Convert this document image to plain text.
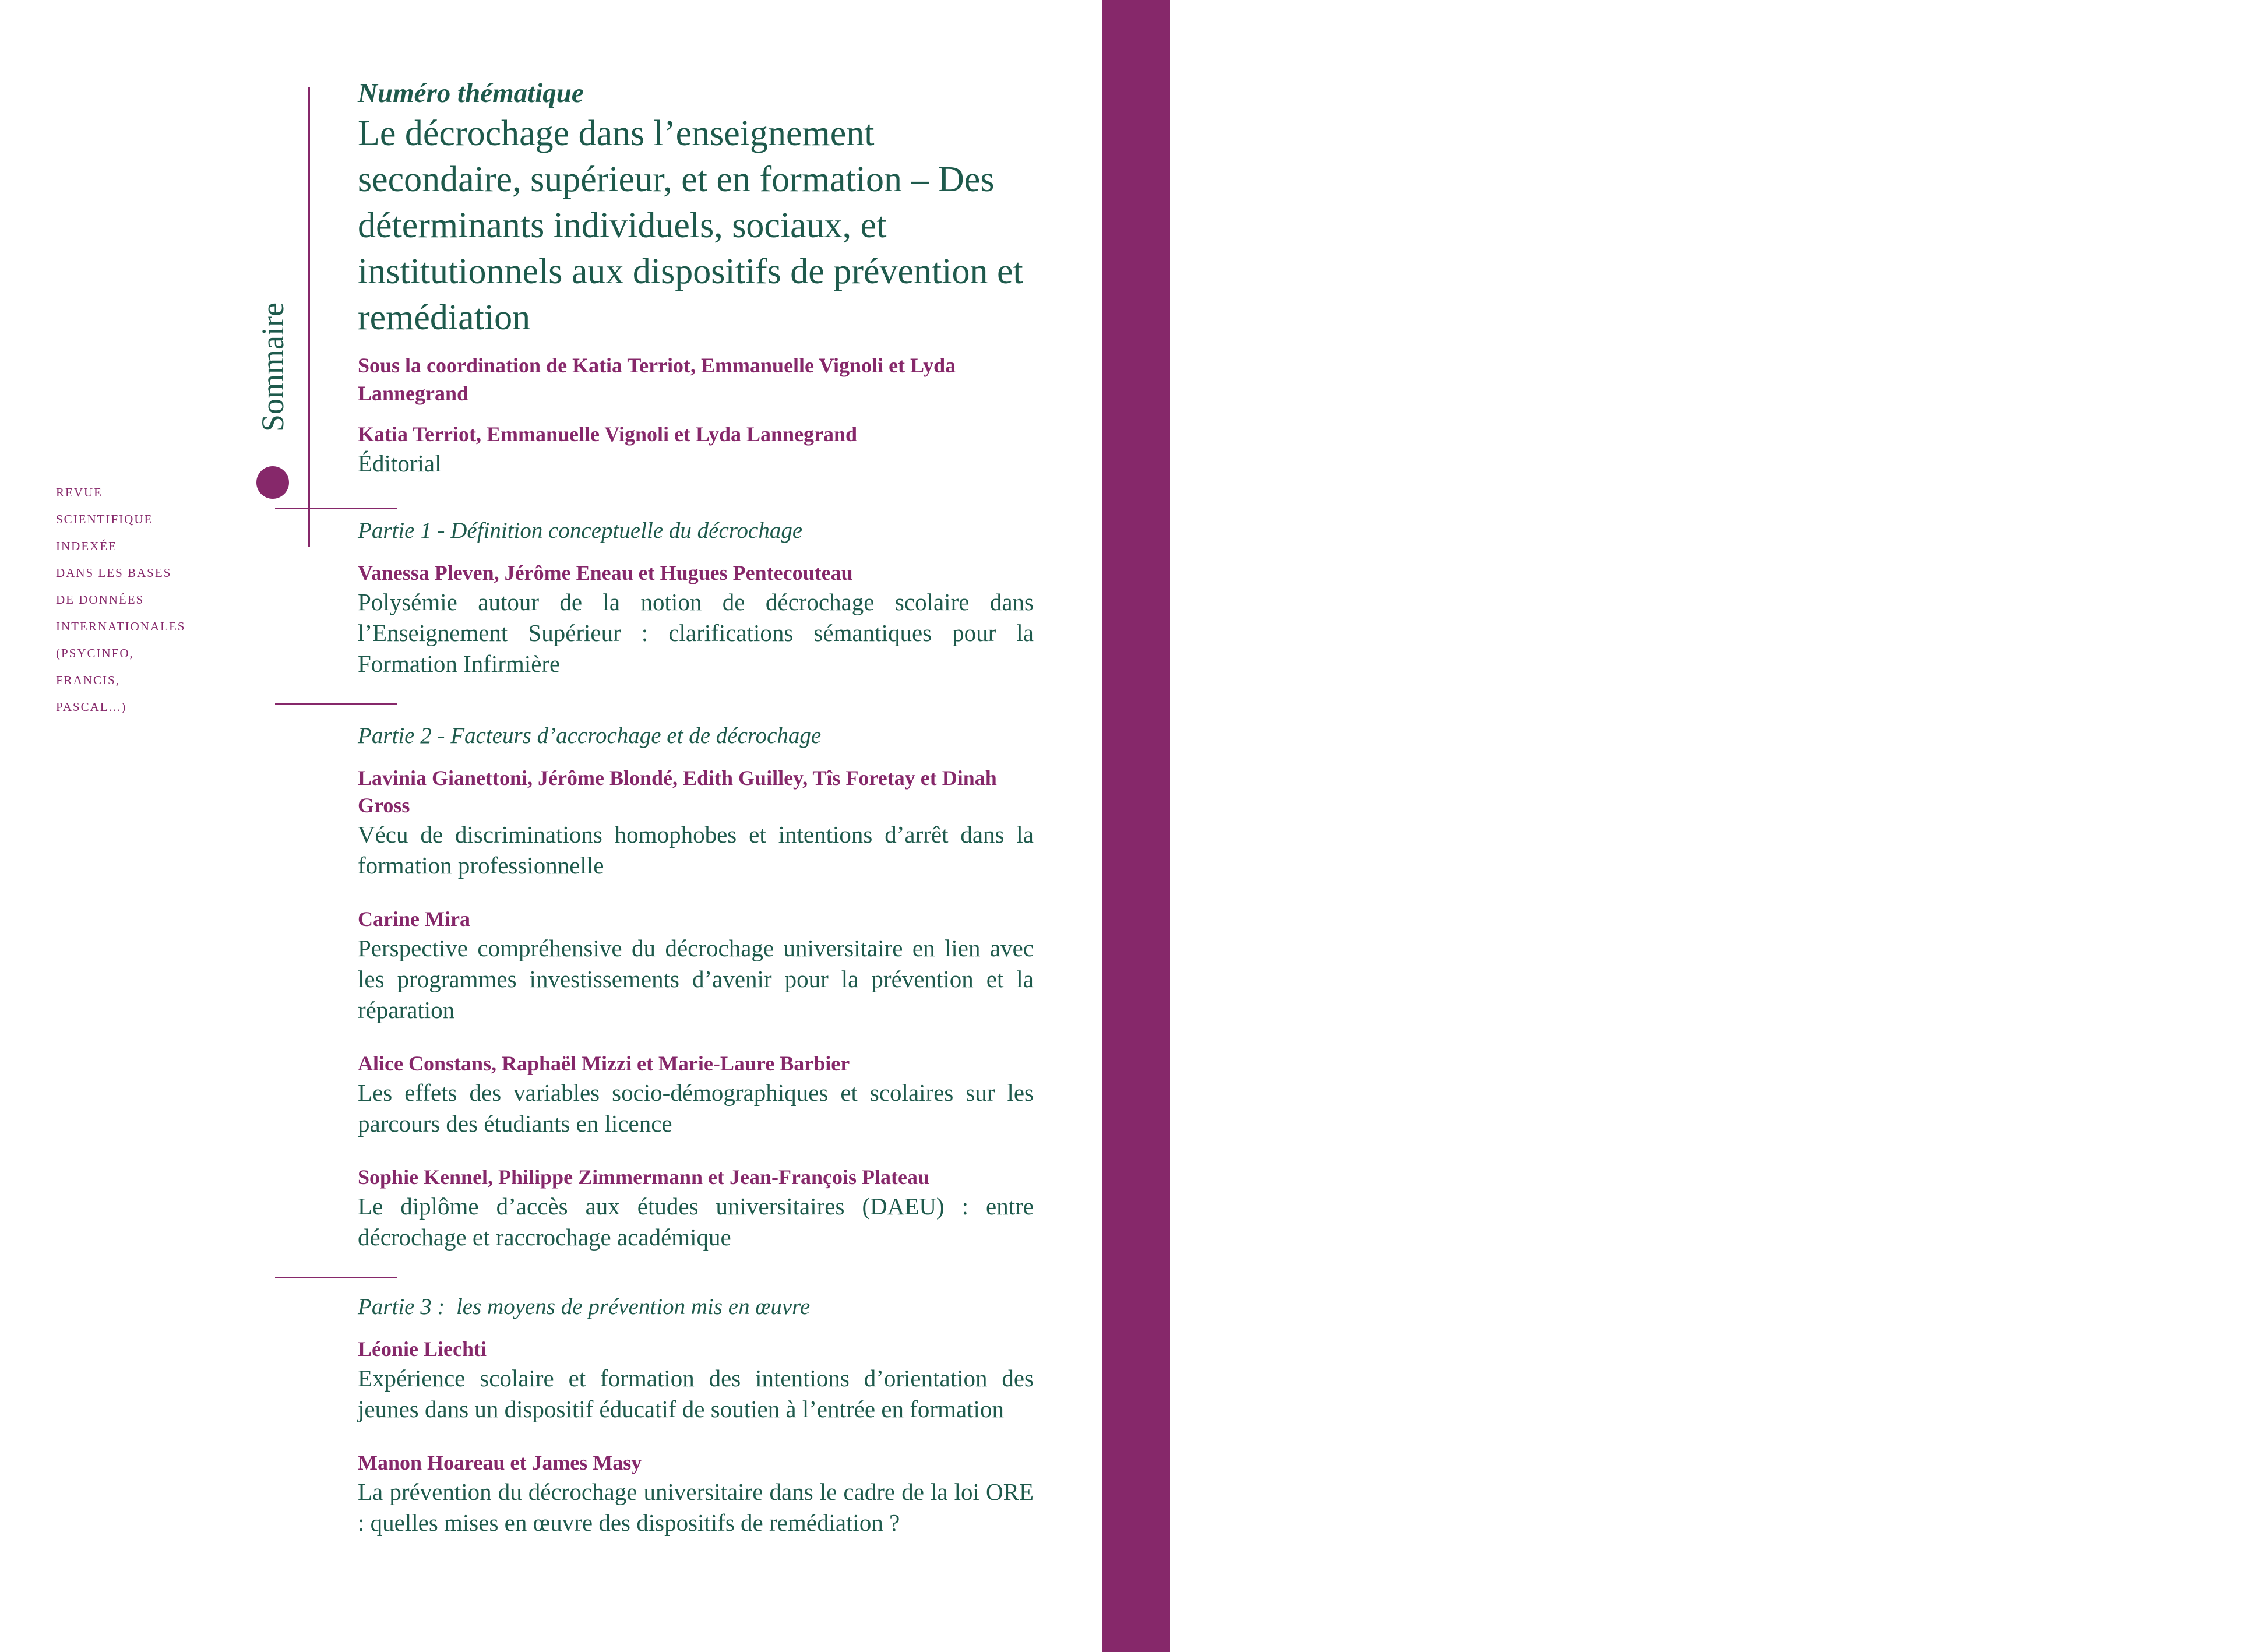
conception graphique / patricia chapuis 2008
Sommaire
REVUE
SCIENTIFIQUE
INDEXÉE
DANS LES BASES
DE DONNÉES
INTERNATIONALES
(PSYCINFO,
FRANCIS,
PASCAL...)
Numéro thématique
Le décrochage dans l’enseignement secondaire, supérieur, et en formation – Des déterminants individuels, sociaux, et institutionnels aux dispositifs de prévention et remédiation
Sous la coordination de Katia Terriot, Emmanuelle Vignoli et Lyda Lannegrand
Katia Terriot, Emmanuelle Vignoli et Lyda Lannegrand
Éditorial
Partie 1 - Définition conceptuelle du décrochage
Vanessa Pleven, Jérôme Eneau et Hugues Pentecouteau
Polysémie autour de la notion de décrochage scolaire dans l’Enseignement Supérieur : clarifications sémantiques pour la Formation Infirmière
Partie 2 - Facteurs d’accrochage et de décrochage
Lavinia Gianettoni, Jérôme Blondé, Edith Guilley, Tîs Foretay et Dinah Gross
Vécu de discriminations homophobes et intentions d’arrêt dans la formation professionnelle
Carine Mira
Perspective compréhensive du décrochage universitaire en lien avec les programmes investissements d’avenir pour la prévention et la réparation
Alice Constans, Raphaël Mizzi et Marie-Laure Barbier
Les effets des variables socio-démographiques et scolaires sur les parcours des étudiants en licence
Sophie Kennel, Philippe Zimmermann et Jean-François Plateau
Le diplôme d’accès aux études universitaires (DAEU) : entre décrochage et raccrochage académique
Partie 3 :  les moyens de prévention mis en œuvre
Léonie Liechti
Expérience scolaire et formation des intentions d’orientation des jeunes dans un dispositif éducatif de soutien à l’entrée en formation
Manon Hoareau et James Masy
La prévention du décrochage universitaire dans le cadre de la loi ORE : quelles mises en œuvre des dispositifs de remédiation ?
